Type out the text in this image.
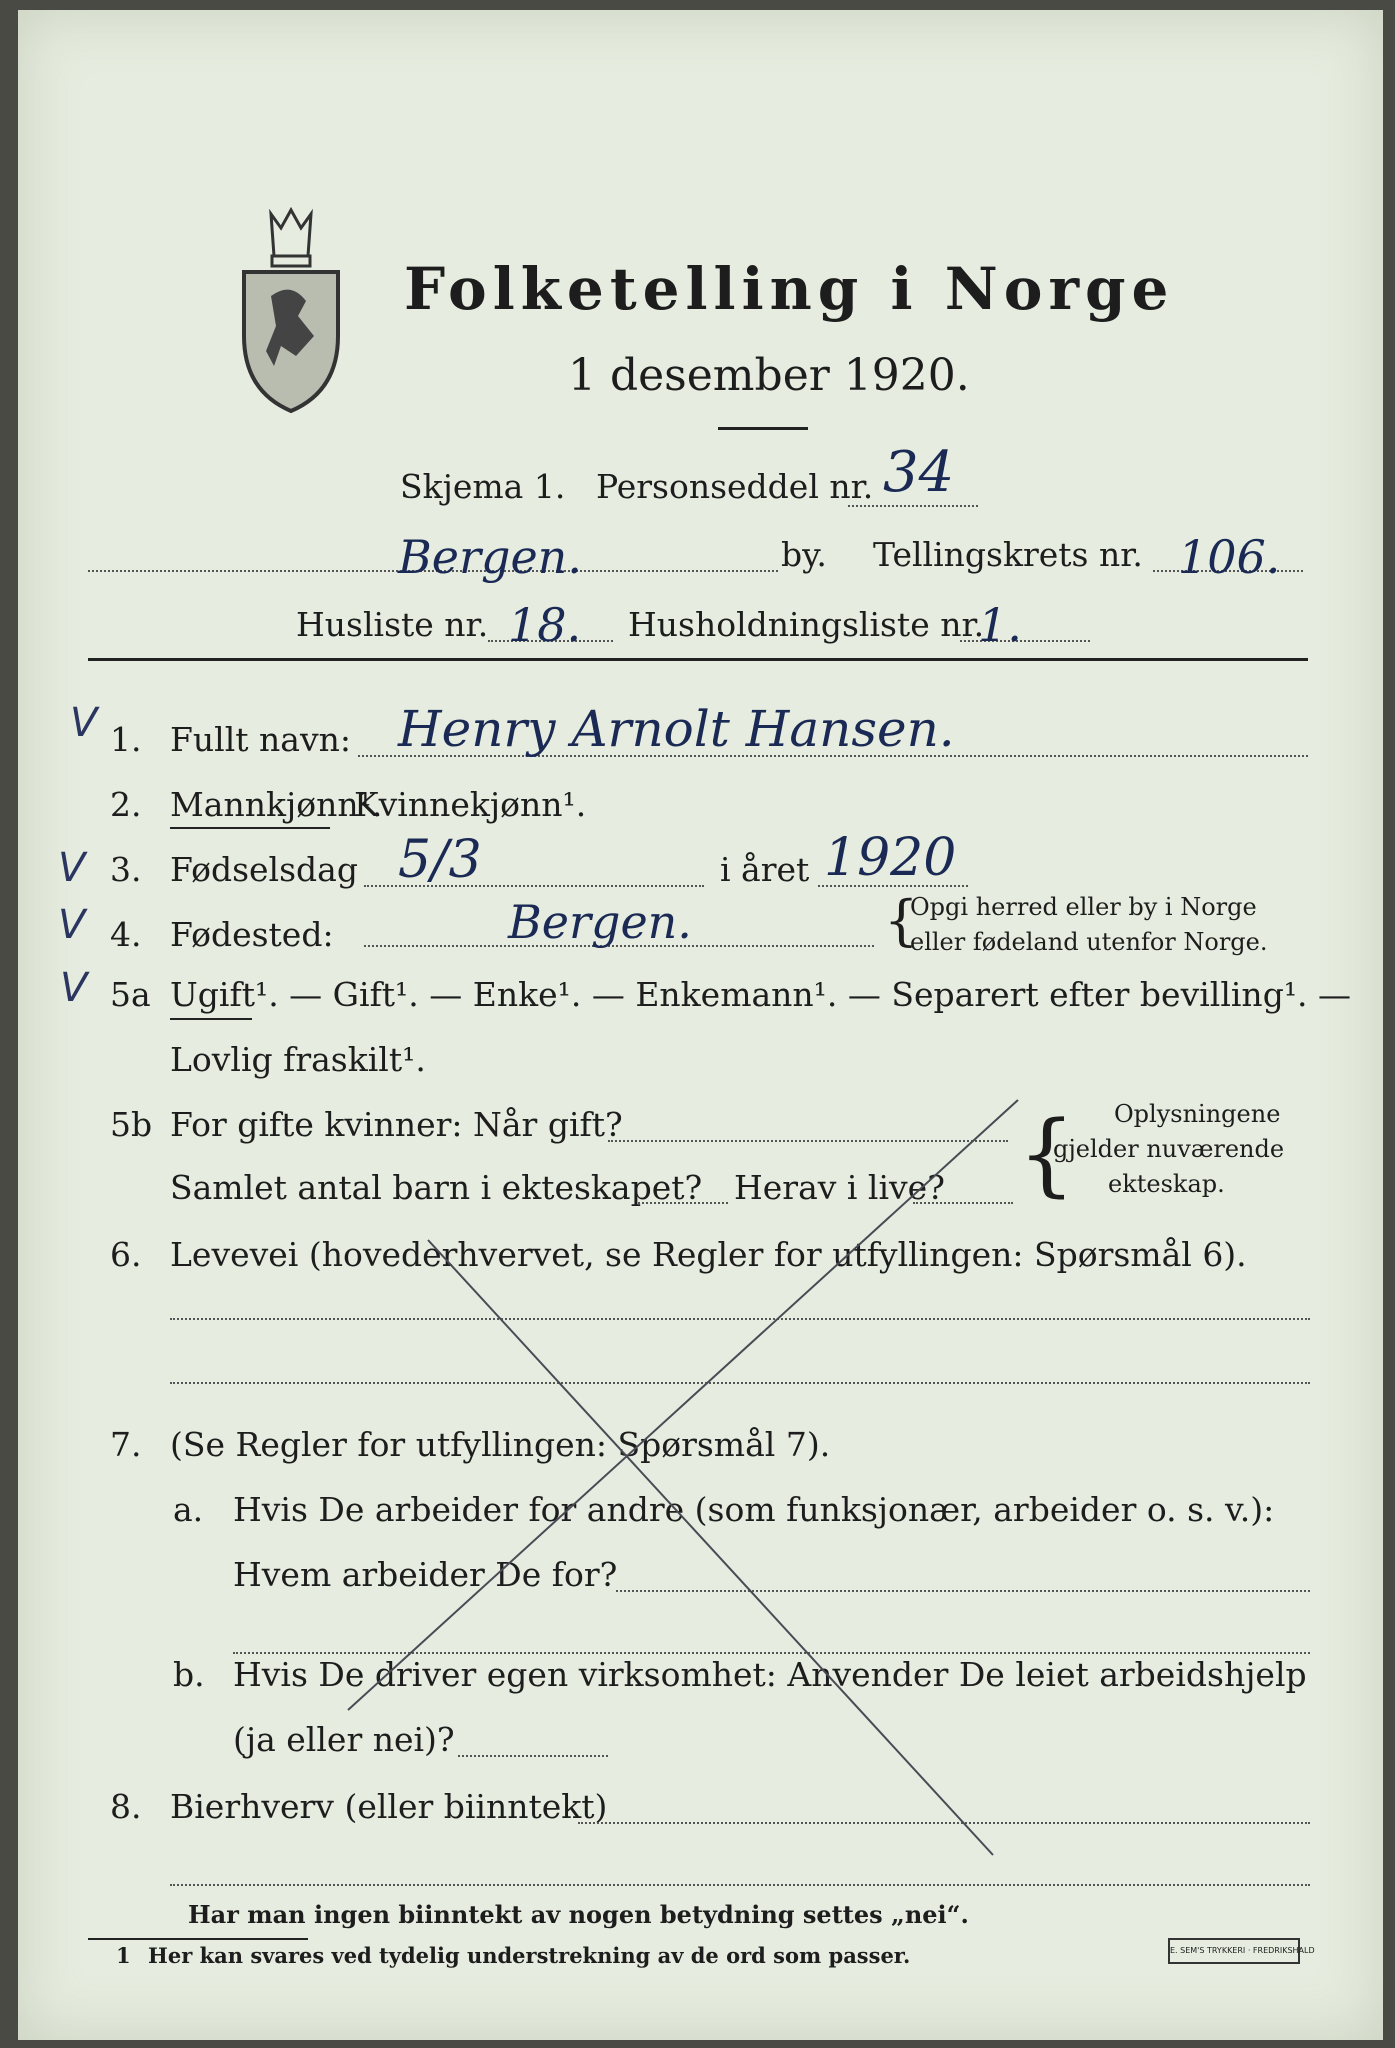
Folketelling i Norge
1 desember 1920.
Skjema 1. Personseddel nr. 34
Bergen.	by. Tellingskrets nr. 106.
Husliste nr. 18. Husholdningsliste nr.
1.
V 1. Fullt navn: Henry Arnolt Hansen.
2. Mannkjønn¹.
Kvinnekjønn¹.
V 3. Fødselsdag 5/3	i året 1920
V 4. Fødested:	Bergen.	{
Opgi herred eller by i Norge
eller fødeland utenfor Norge.
V 5a Ugift¹. — Gift¹. — Enke¹. — Enkemann¹. — Separert efter bevilling¹. —
Lovlig fraskilt¹.
5b For gifte kvinner: Når gift?
Samlet antal barn i ekteskapet? Herav i live? { Oplysningene
gjelder nuværende
ekteskap.
6. Levevei (hovederhvervet, se Regler for utfyllingen: Spørsmål 6).
7. (Se Regler for utfyllingen: Spørsmål 7).
a. Hvis De arbeider for andre (som funksjonær, arbeider o. s. v.):
Hvem arbeider De for?
b. Hvis De driver egen virksomhet: Anvender De leiet arbeidshjelp
(ja eller nei)?
8. Bierhverv (eller biinntekt)
Har man ingen biinntekt av nogen betydning settes „nei“.
1 Her kan svares ved tydelig understrekning av de ord som passer.	E. SEM'S TRYKKERI · FREDRIKSHALD
